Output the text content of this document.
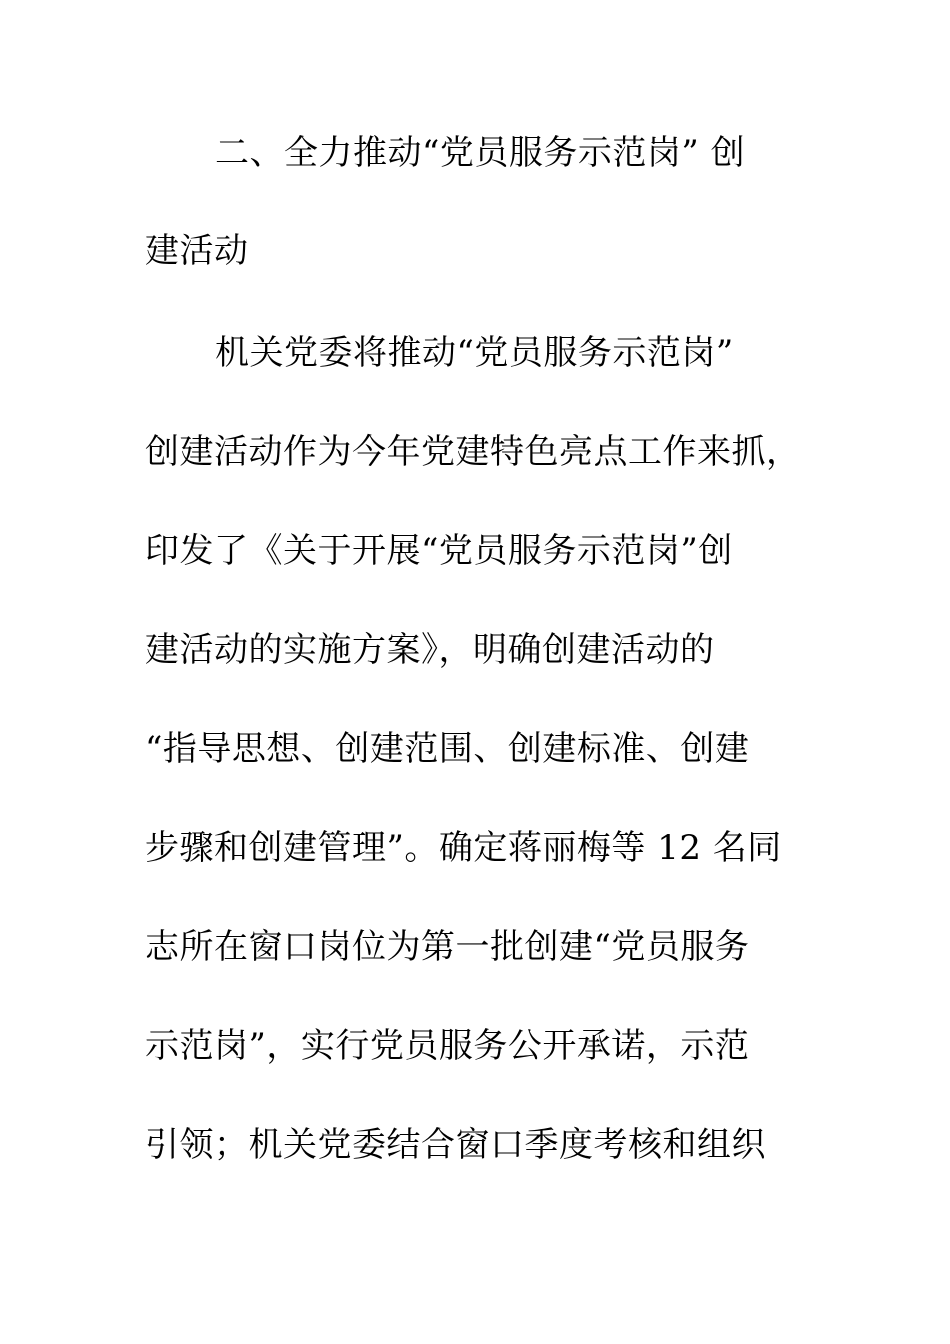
二、全力推动“党员服务示范岗” 创
建活动
机关党委将推动“党员服务示范岗”
创建活动作为今年党建特色亮点工作来抓，
印发了《关于开展“党员服务示范岗”创
建活动的实施方案》，明确创建活动的
“指导思想、创建范围、创建标准、创建
步骤和创建管理”。确定蒋丽梅等 12 名同
志所在窗口岗位为第一批创建“党员服务
示范岗”，实行党员服务公开承诺，示范
引领；机关党委结合窗口季度考核和组织
